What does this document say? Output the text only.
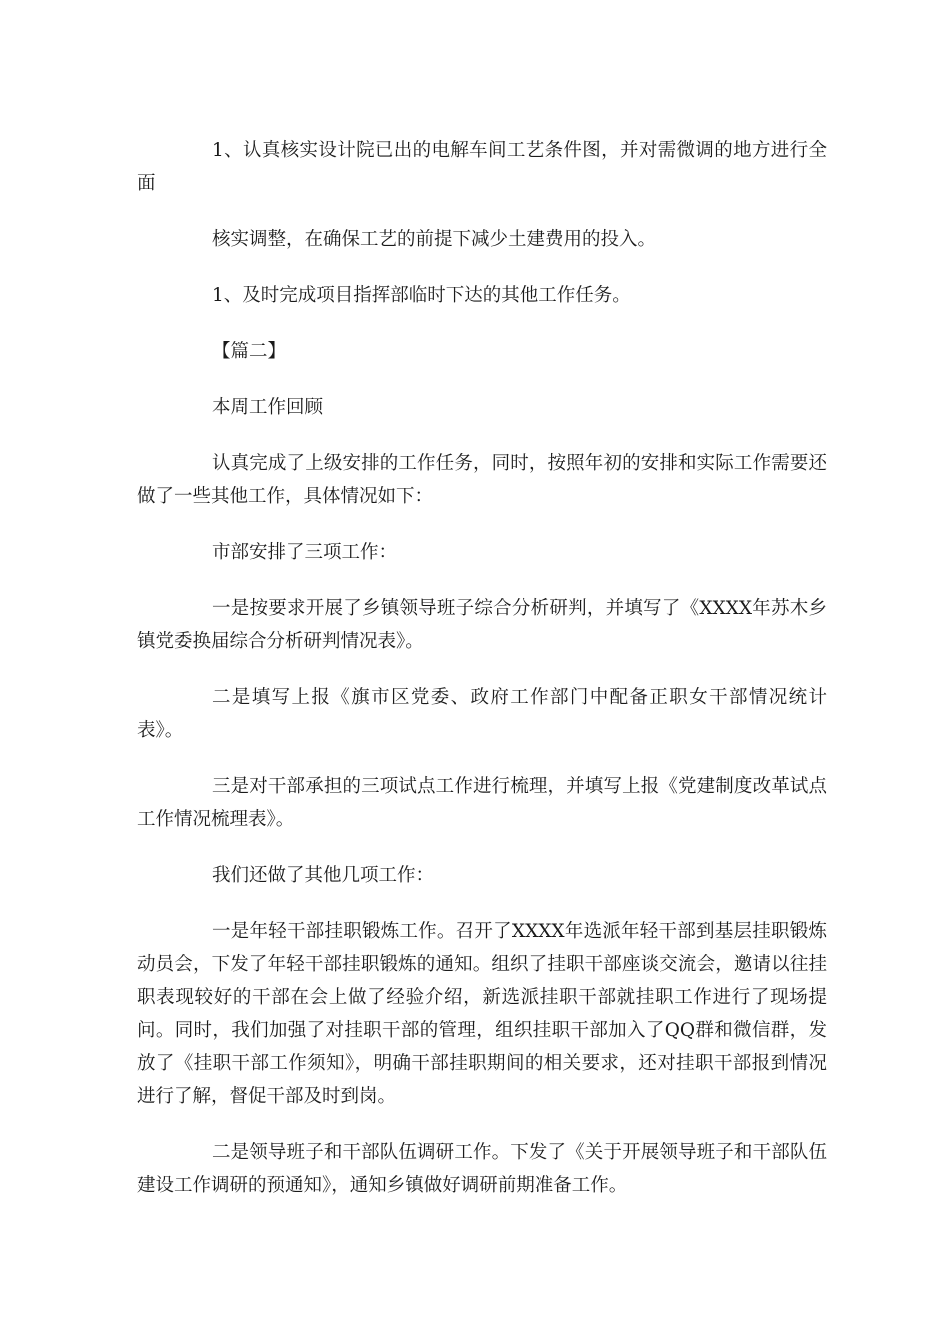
1、认真核实设计院已出的电解车间工艺条件图，并对需微调的地方进行全面

核实调整，在确保工艺的前提下减少土建费用的投入。

1、及时完成项目指挥部临时下达的其他工作任务。

【篇二】

本周工作回顾

认真完成了上级安排的工作任务，同时，按照年初的安排和实际工作需要还做了一些其他工作，具体情况如下：

市部安排了三项工作：

一是按要求开展了乡镇领导班子综合分析研判，并填写了《XXXX年苏木乡镇党委换届综合分析研判情况表》。

二是填写上报《旗市区党委、政府工作部门中配备正职女干部情况统计表》。

三是对干部承担的三项试点工作进行梳理，并填写上报《党建制度改革试点工作情况梳理表》。

我们还做了其他几项工作：

一是年轻干部挂职锻炼工作。召开了XXXX年选派年轻干部到基层挂职锻炼动员会，下发了年轻干部挂职锻炼的通知。组织了挂职干部座谈交流会，邀请以往挂职表现较好的干部在会上做了经验介绍，新选派挂职干部就挂职工作进行了现场提问。同时，我们加强了对挂职干部的管理，组织挂职干部加入了QQ群和微信群，发放了《挂职干部工作须知》，明确干部挂职期间的相关要求，还对挂职干部报到情况进行了解，督促干部及时到岗。

二是领导班子和干部队伍调研工作。下发了《关于开展领导班子和干部队伍建设工作调研的预通知》，通知乡镇做好调研前期准备工作。
